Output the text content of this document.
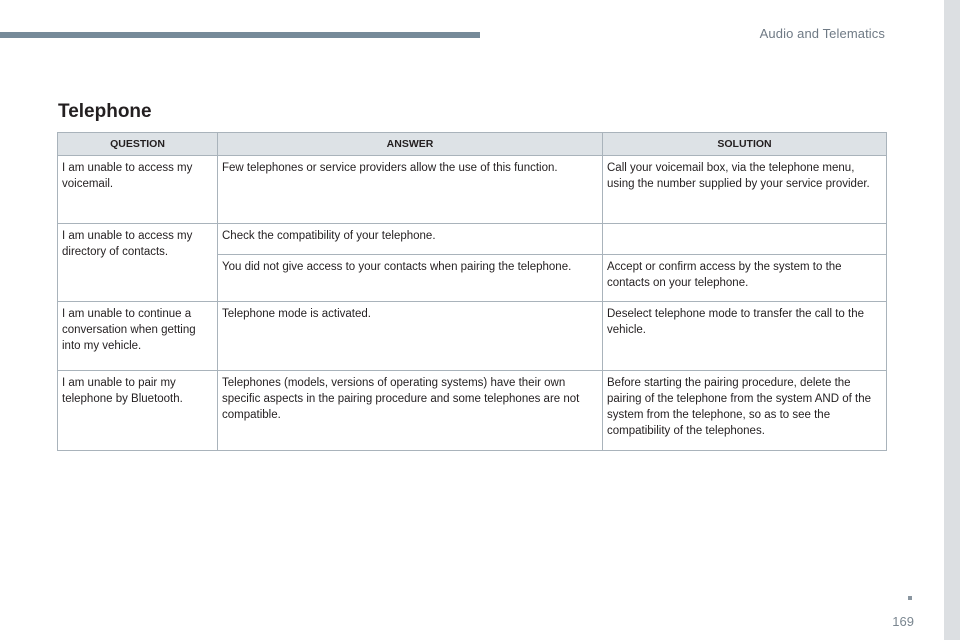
Audio and Telematics
Telephone
QUESTION	ANSWER	SOLUTION
I am unable to access my voicemail.	Few telephones or service providers allow the use of this function.	Call your voicemail box, via the telephone menu, using the number supplied by your service provider.
I am unable to access my directory of contacts.	Check the compatibility of your telephone.	
	You did not give access to your contacts when pairing the telephone.	Accept or confirm access by the system to the contacts on your telephone.
I am unable to continue a conversation when getting into my vehicle.	Telephone mode is activated.	Deselect telephone mode to transfer the call to the vehicle.
I am unable to pair my telephone by Bluetooth.	Telephones (models, versions of operating systems) have their own specific aspects in the pairing procedure and some telephones are not compatible.	Before starting the pairing procedure, delete the pairing of the telephone from the system AND of the system from the telephone, so as to see the compatibility of the telephones.
169
